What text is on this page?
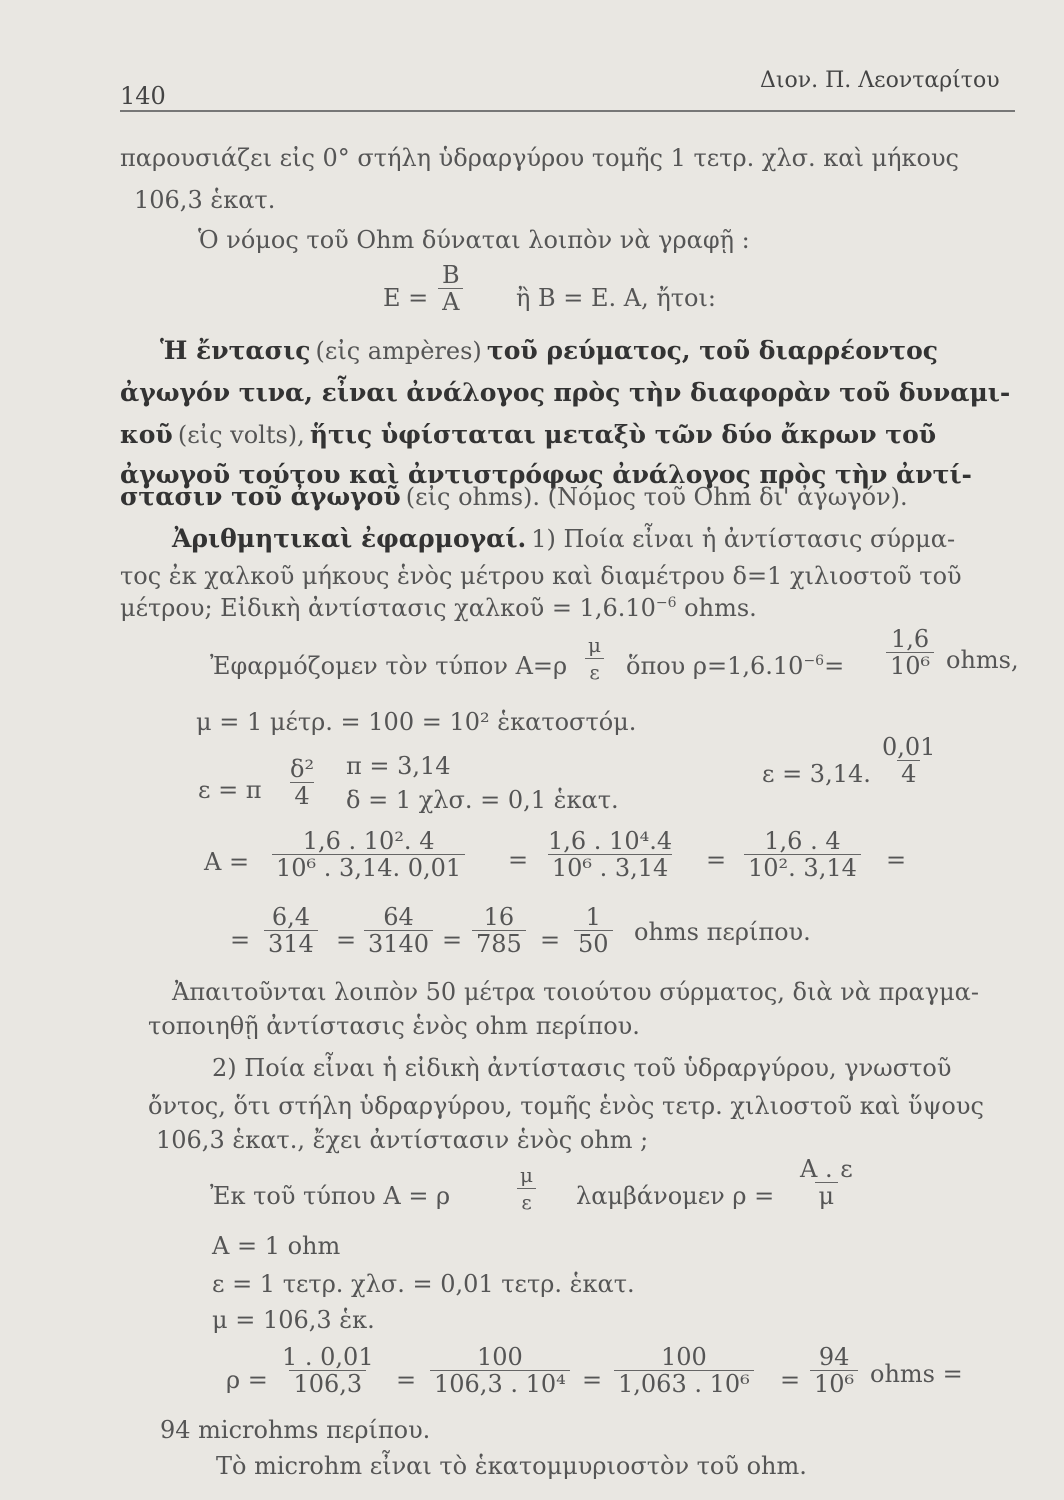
140
Διον. Π. Λεονταρίτου
παρουσιάζει εἰς 0° στήλη ὑδραργύρου τομῆς 1 τετρ. χλσ. καὶ μήκους
106,3 ἑκατ.
Ὁ νόμος τοῦ Ohm δύναται λοιπὸν νὰ γραφῇ :
$E = \frac{B}{A}$ ἢ B = E. A, ἤτοι:
Ἡ ἔντασις (εἰς ampères) τοῦ ρεύματος, τοῦ διαρρέοντος
ἀγωγόν τινα, εἶναι ἀνάλογος πρὸς τὴν διαφορὰν τοῦ δυναμι-
κοῦ (εἰς volts), ἥτις ὑφίσταται μεταξὺ τῶν δύο ἄκρων τοῦ
ἀγωγοῦ τούτου καὶ ἀντιστρόφως ἀνάλογος πρὸς τὴν ἀντί-
στασιν τοῦ ἀγωγοῦ (εἰς ohms). (Νόμος τοῦ Ohm δι' ἀγωγόν).
Ἀριθμητικαὶ ἐφαρμογαί. 1) Ποία εἶναι ἡ ἀντίστασις σύρμα-
τος ἐκ χαλκοῦ μήκους ἑνὸς μέτρου καὶ διαμέτρου δ=1 χιλιοστοῦ τοῦ
μέτρου; Εἰδικὴ ἀντίστασις χαλκοῦ = $1,6.10^{-6}$ ohms.
Ἐφαρμόζομεν τὸν τύπον $A=\rho \frac{\mu}{\varepsilon}$ ὅπου $\rho=1,6.10^{-6}= \frac{1,6}{\text{10⁶}}$ ohms,
μ = 1 μέτρ. = 100 = 10² ἑκατοστόμ.
ε = π $\frac{\text{δ²}}{4}$ π = 3,14
δ = 1 χλσ. = 0,1 ἑκατ.
ε = 3,14. $\frac{0,01}{4}$
$A = \frac{\text{1,6 . 10². 4}}{\text{10⁶ . 3,14. 0,01}} = \frac{\text{1,6 . 10⁴.4}}{\text{10⁶ . 3,14}} = \frac{1,6 . 4}{\text{10². 3,14}}$ =
= $\frac{6,4}{314} = \frac{64}{3140} = \frac{16}{785} = \frac{1}{50}$ ohms περίπου.
Ἀπαιτοῦνται λοιπὸν 50 μέτρα τοιούτου σύρματος, διὰ νὰ πραγμα-
τοποιηθῇ ἀντίστασις ἑνὸς ohm περίπου.
2) Ποία εἶναι ἡ εἰδικὴ ἀντίστασις τοῦ ὑδραργύρου, γνωστοῦ
ὄντος, ὅτι στήλη ὑδραργύρου, τομῆς ἑνὸς τετρ. χιλιοστοῦ καὶ ὕψους
106,3 ἑκατ., ἔχει ἀντίστασιν ἑνὸς ohm ;
Ἐκ τοῦ τύπου A = ρ	$\frac{\mu}{\varepsilon}$ λαμβάνομεν $\rho = \frac{A . \varepsilon}{\mu}$
A = 1 ohm
ε = 1 τετρ. χλσ. = 0,01 τετρ. ἑκατ.
μ = 106,3 ἑκ.
$\rho = \frac{1 . 0,01}{106,3} = \frac{100}{\text{106,3 . 10⁴}} = \frac{100}{\text{1,063 . 10⁶}} = \frac{94}{\text{10⁶}}$ ohms =
94 microhms περίπου.
Τὸ microhm εἶναι τὸ ἑκατομμυριοστὸν τοῦ ohm.
